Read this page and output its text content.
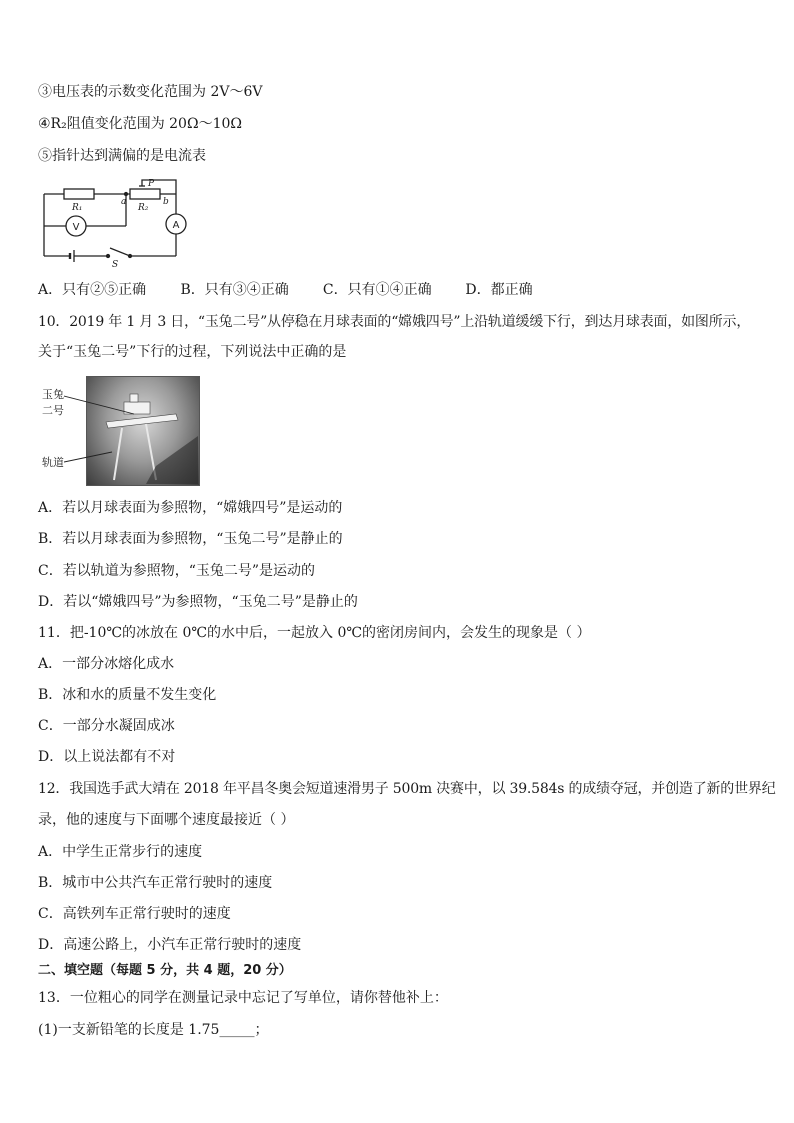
③电压表的示数变化范围为 2V～6V
④R₂阻值变化范围为 20Ω～10Ω
⑤指针达到满偏的是电流表
R₁	R₂
a	b
P
S
V	A
A．只有②⑤正确 B．只有③④正确 C．只有①④正确 D．都正确
10．2019 年 1 月 3 日，“玉兔二号”从停稳在月球表面的“嫦娥四号”上沿轨道缓缓下行，到达月球表面，如图所示，
关于“玉兔二号”下行的过程，下列说法中正确的是
玉兔
二号
轨道
A．若以月球表面为参照物，“嫦娥四号”是运动的
B．若以月球表面为参照物，“玉兔二号”是静止的
C．若以轨道为参照物，“玉兔二号”是运动的
D．若以“嫦娥四号”为参照物，“玉兔二号”是静止的
11．把-10℃的冰放在 0℃的水中后，一起放入 0℃的密闭房间内，会发生的现象是（ ）
A．一部分冰熔化成水
B．冰和水的质量不发生变化
C．一部分水凝固成冰
D．以上说法都有不对
12．我国选手武大靖在 2018 年平昌冬奥会短道速滑男子 500m 决赛中，以 39.584s 的成绩夺冠，并创造了新的世界纪
录，他的速度与下面哪个速度最接近（ ）
A．中学生正常步行的速度
B．城市中公共汽车正常行驶时的速度
C．高铁列车正常行驶时的速度
D．高速公路上，小汽车正常行驶时的速度
二、填空题（每题 5 分，共 4 题，20 分）
13．一位粗心的同学在测量记录中忘记了写单位，请你替他补上：
(1)一支新铅笔的长度是 1.75_____；
